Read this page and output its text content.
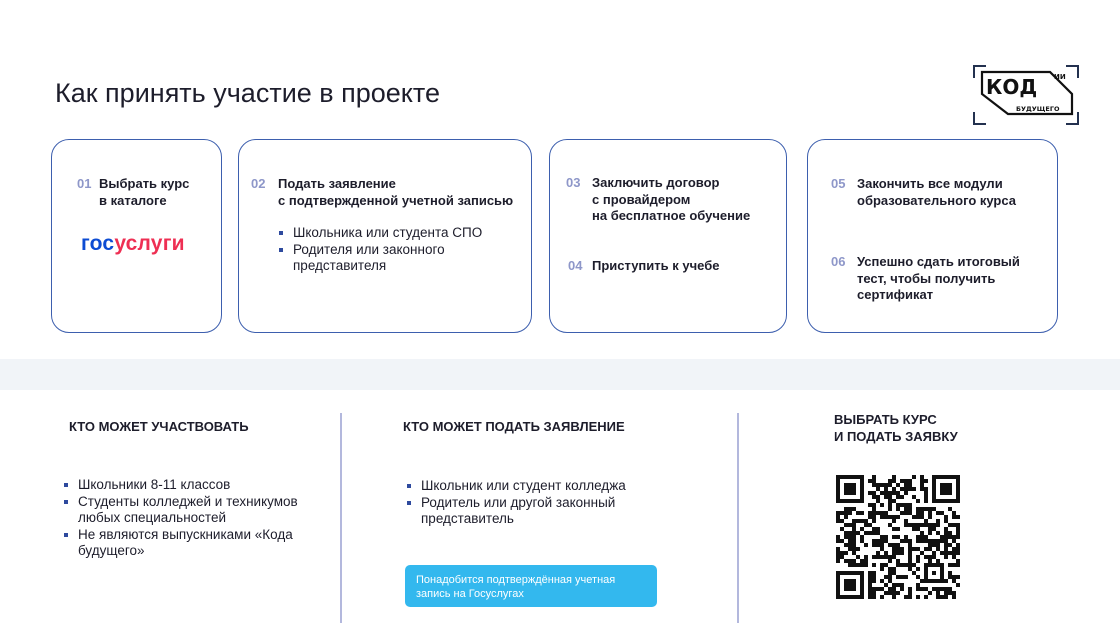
Как принять участие в проекте	КОД ИИ
БУДУЩЕГО
01 Выбрать курс
в каталоге
госуслуги
02 Подать заявление
с подтвержденной учетной записью
Школьника или студента СПО
Родителя или законного представителя
03 Заключить договор
с провайдером
на бесплатное обучение
04 Приступить к учебе
05 Закончить все модули
образовательного курса
06 Успешно сдать итоговый
тест, чтобы получить
сертификат
КТО МОЖЕТ УЧАСТВОВАТЬ
Школьники 8-11 классов
Студенты колледжей и техникумов любых специальностей
Не являются выпускниками «Кода будущего»
КТО МОЖЕТ ПОДАТЬ ЗАЯВЛЕНИЕ
Школьник или студент колледжа
Родитель или другой законный представитель
Понадобится подтверждённая учетная
запись на Госуслугах
ВЫБРАТЬ КУРС
И ПОДАТЬ ЗАЯВКУ
